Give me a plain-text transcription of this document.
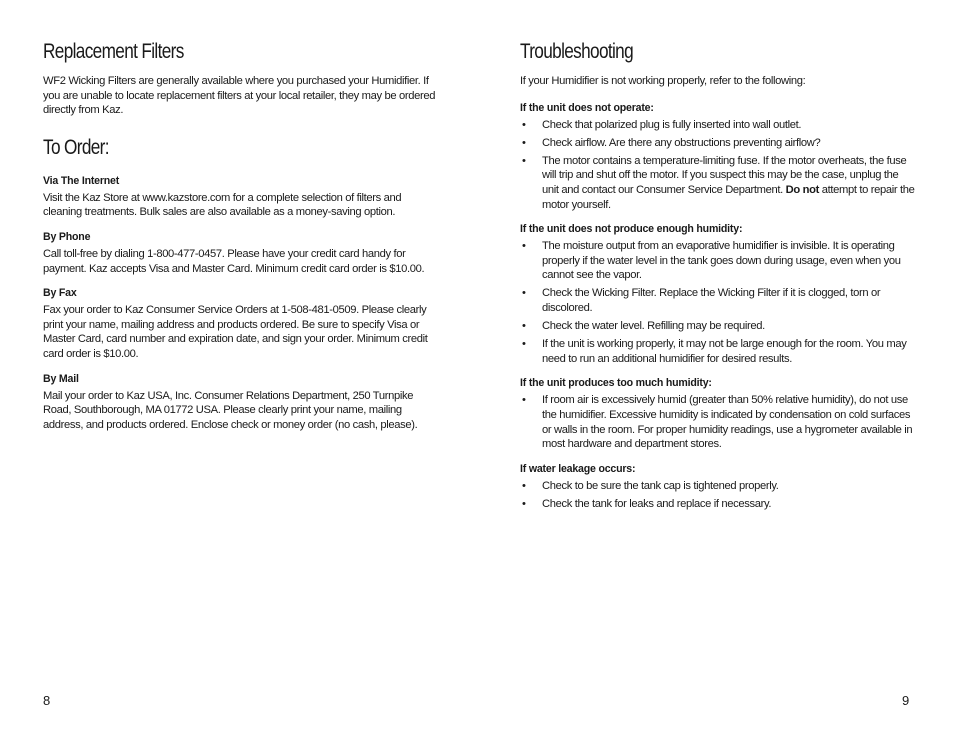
Replacement Filters

WF2 Wicking Filters are generally available where you purchased your Humidifier. If you are unable to locate replacement filters at your local retailer, they may be ordered directly from Kaz.

To Order:
Via The Internet

Visit the Kaz Store at www.kazstore.com for a complete selection of filters and cleaning treatments. Bulk sales are also available as a money-saving option.

By Phone

Call toll-free by dialing 1-800-477-0457. Please have your credit card handy for payment. Kaz accepts Visa and Master Card. Minimum credit card order is $10.00.

By Fax

Fax your order to Kaz Consumer Service Orders at 1-508-481-0509. Please clearly print your name, mailing address and products ordered. Be sure to specify Visa or Master Card, card number and expiration date, and sign your order. Minimum credit card order is $10.00.

By Mail

Mail your order to Kaz USA, Inc. Consumer Relations Department, 250 Turnpike Road, Southborough, MA 01772 USA. Please clearly print your name, mailing address, and products ordered. Enclose check or money order (no cash, please).

8
Troubleshooting

If your Humidifier is not working properly, refer to the following:

If the unit does not operate:
• Check that polarized plug is fully inserted into wall outlet.
• Check airflow. Are there any obstructions preventing airflow?
• The motor contains a temperature-limiting fuse. If the motor overheats, the fuse will trip and shut off the motor. If you suspect this may be the case, unplug the unit and contact our Consumer Service Department. Do not attempt to repair the motor yourself.
If the unit does not produce enough humidity:
• The moisture output from an evaporative humidifier is invisible. It is operating properly if the water level in the tank goes down during usage, even when you cannot see the vapor.
• Check the Wicking Filter. Replace the Wicking Filter if it is clogged, torn or discolored.
• Check the water level. Refilling may be required.
• If the unit is working properly, it may not be large enough for the room. You may need to run an additional humidifier for desired results.
If the unit produces too much humidity:
• If room air is excessively humid (greater than 50% relative humidity), do not use the humidifier. Excessive humidity is indicated by condensation on cold surfaces or walls in the room. For proper humidity readings, use a hygrometer available in most hardware and department stores.
If water leakage occurs:
• Check to be sure the tank cap is tightened properly.
• Check the tank for leaks and replace if necessary.
9
